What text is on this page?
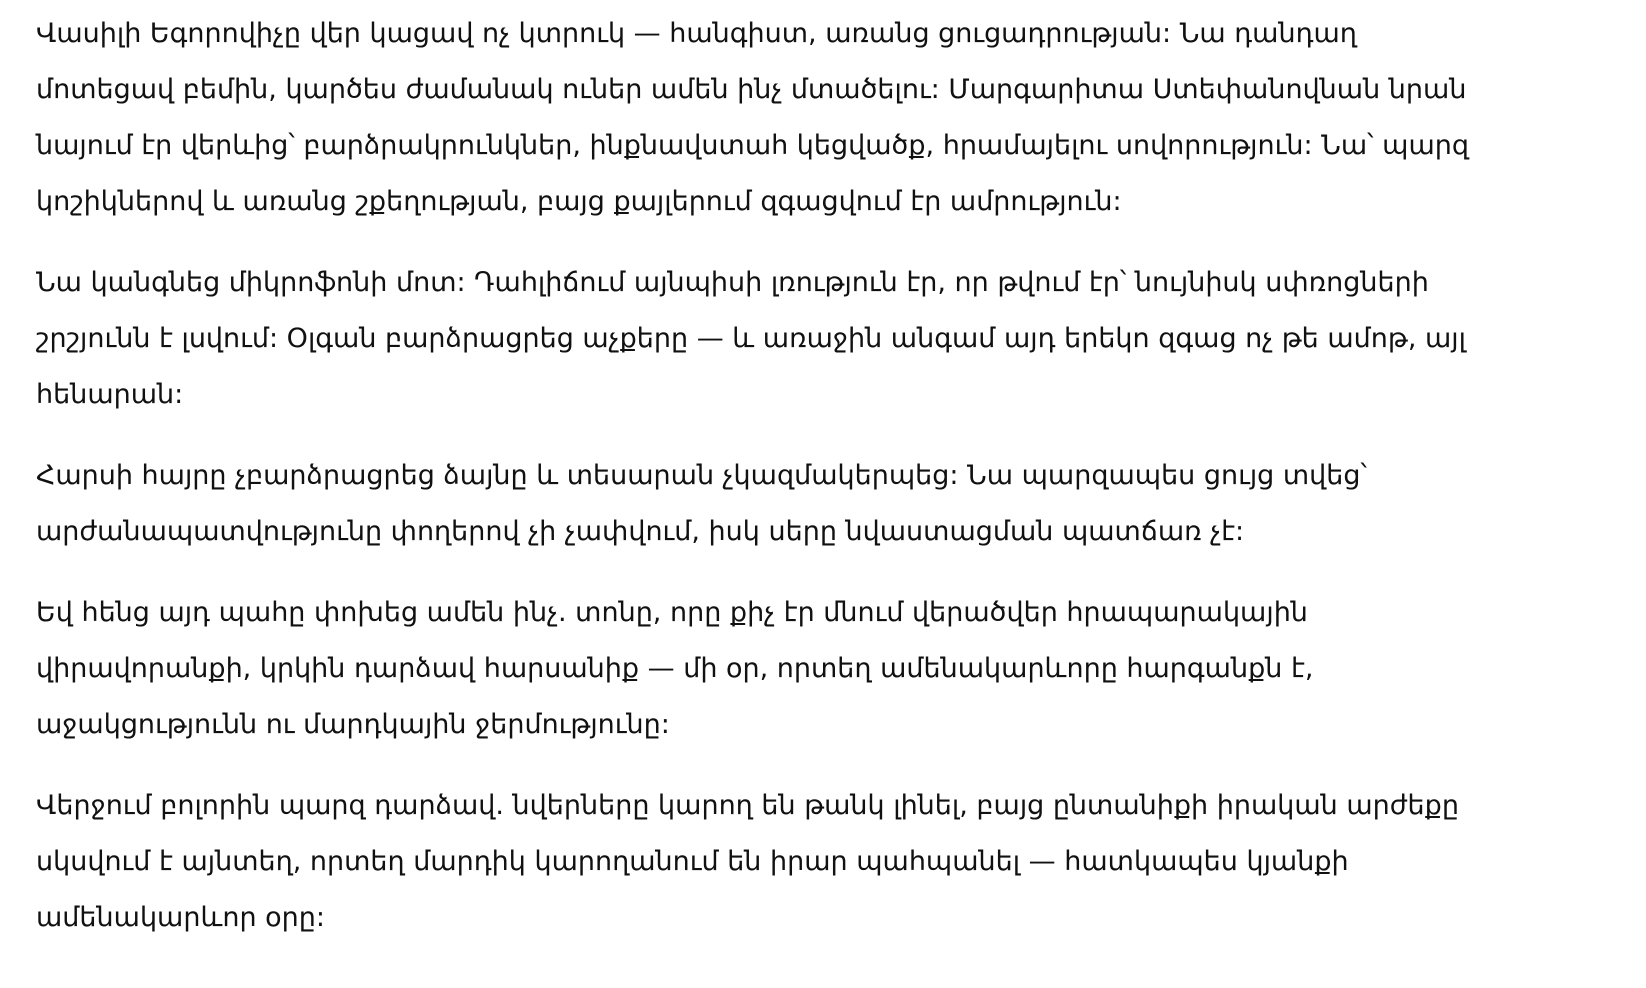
Վասիլի Եգորովիչը վեր կացավ ոչ կտրուկ — հանգիստ, առանց ցուցադրության: Նա դանդաղ
մոտեցավ բեմին, կարծես ժամանակ ուներ ամեն ինչ մտածելու: Մարգարիտա Ստեփանովնան նրան
նայում էր վերևից՝ բարձրակրունկներ, ինքնավստահ կեցվածք, հրամայելու սովորություն: Նա՝ պարզ
կոշիկներով և առանց շքեղության, բայց քայլերում զգացվում էր ամրություն:

Նա կանգնեց միկրոֆոնի մոտ: Դահլիճում այնպիսի լռություն էր, որ թվում էր՝ նույնիսկ սփռոցների
շրշյունն է լսվում: Օլգան բարձրացրեց աչքերը — և առաջին անգամ այդ երեկո զգաց ոչ թե ամոթ, այլ
հենարան:

Հարսի հայրը չբարձրացրեց ձայնը և տեսարան չկազմակերպեց: Նա պարզապես ցույց տվեց՝
արժանապատվությունը փողերով չի չափվում, իսկ սերը նվաստացման պատճառ չէ:

Եվ հենց այդ պահը փոխեց ամեն ինչ. տոնը, որը քիչ էր մնում վերածվեր հրապարակային
վիրավորանքի, կրկին դարձավ հարսանիք — մի օր, որտեղ ամենակարևորը հարգանքն է,
աջակցությունն ու մարդկային ջերմությունը:

Վերջում բոլորին պարզ դարձավ. նվերները կարող են թանկ լինել, բայց ընտանիքի իրական արժեքը
սկսվում է այնտեղ, որտեղ մարդիկ կարողանում են իրար պահպանել — հատկապես կյանքի
ամենակարևոր օրը:
